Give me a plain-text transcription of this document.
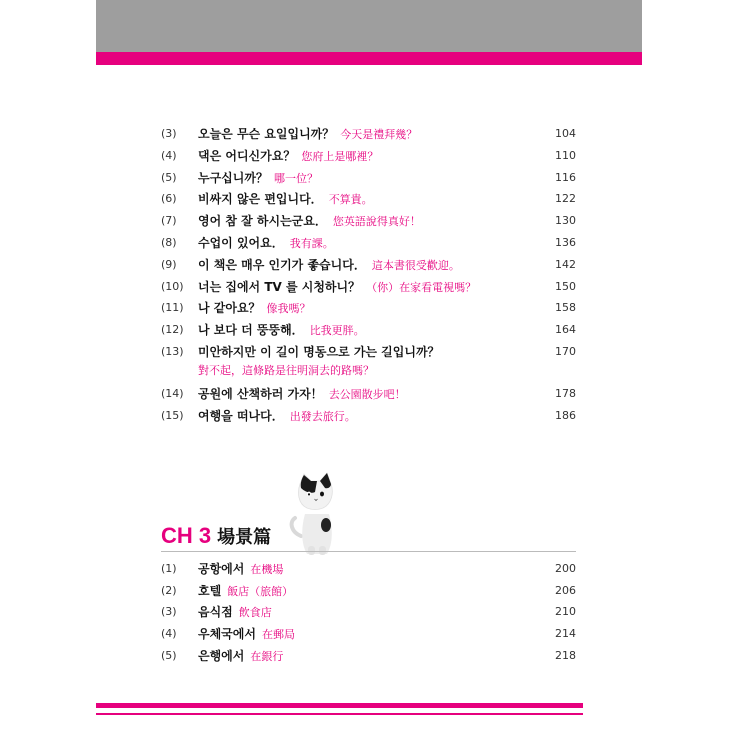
(3) 오늘은 무슨 요일입니까？ 今天是禮拜幾？	104
(4) 댁은 어디신가요？ 您府上是哪裡？	110
(5) 누구십니까？ 哪一位？	116
(6) 비싸지 않은 편입니다． 不算貴。	122
(7) 영어 참 잘 하시는군요． 您英語說得真好！	130
(8) 수업이 있어요． 我有課。	136
(9) 이 책은 매우 인기가 좋습니다． 這本書很受歡迎。	142
(10) 너는 집에서 TV 를 시청하니？ （你）在家看電視嗎？	150
(11) 나 같아요？ 像我嗎？	158
(12) 나 보다 더 뚱뚱해． 比我更胖。	164
(13) 미안하지만 이 길이 명동으로 가는 길입니까？	170
對不起，這條路是往明洞去的路嗎？
(14) 공원에 산책하러 가자！ 去公園散步吧！	178
(15) 여행을 떠나다． 出發去旅行。	186
CH 3 場景篇
(1) 공항에서 在機場	200
(2) 호텔 飯店（旅館）	206
(3) 음식점 飲食店	210
(4) 우체국에서 在郵局	214
(5) 은행에서 在銀行	218
